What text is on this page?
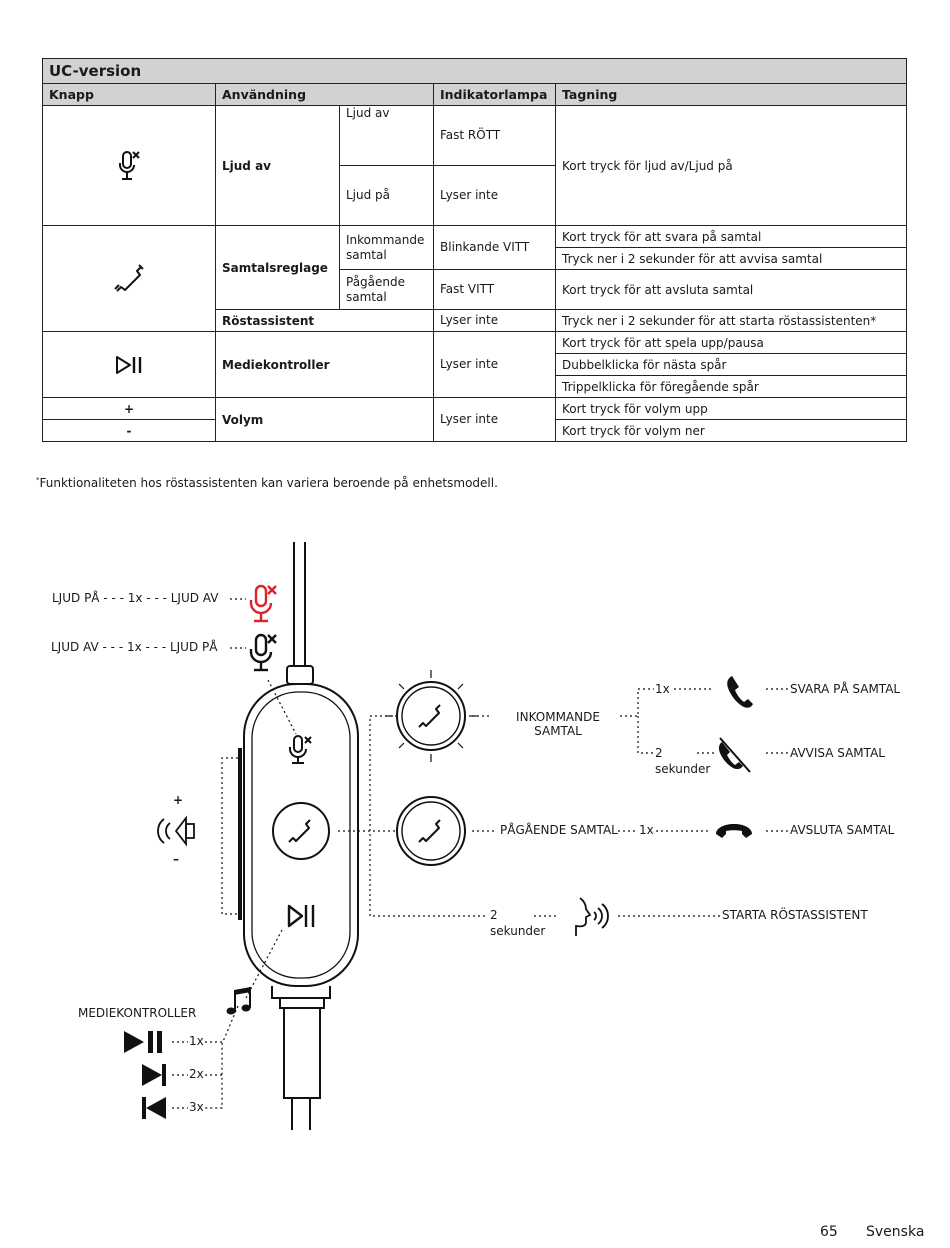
UC-version				
Knapp	Användning		Indikatorlampa	Tagning

	Ljud av	Ljud av	Fast RÖTT	Kort tryck för ljud av/Ljud på
		Ljud på	Lyser inte	

	Samtalsreglage	Inkommande samtal	Blinkande VITT	Kort tryck för att svara på samtal
				Tryck ner i 2 sekunder för att avvisa samtal
		Pågående samtal	Fast VITT	Kort tryck för att avsluta samtal
	Röstassistent		Lyser inte	Tryck ner i 2 sekunder för att starta röstassistenten*

	Mediekontroller		Lyser inte	Kort tryck för att spela upp/pausa
				Dubbelklicka för nästa spår
				Trippelklicka för föregående spår
+	Volym		Lyser inte	Kort tryck för volym upp
-				Kort tryck för volym ner
*Funktionaliteten hos röstassistenten kan variera beroende på enhetsmodell.
LJUD PÅ - - - 1x - - - LJUD AV
LJUD AV - - - 1x - - - LJUD PÅ
INKOMMANDE SAMTAL
1x	SVARA PÅ SAMTAL
2
sekunder
AVVISA SAMTAL
PÅGÅENDE SAMTAL 1x	AVSLUTA SAMTAL
2
sekunder
STARTA RÖSTASSISTENT
+
–
MEDIEKONTROLLER
1x
2x
3x
65 Svenska
